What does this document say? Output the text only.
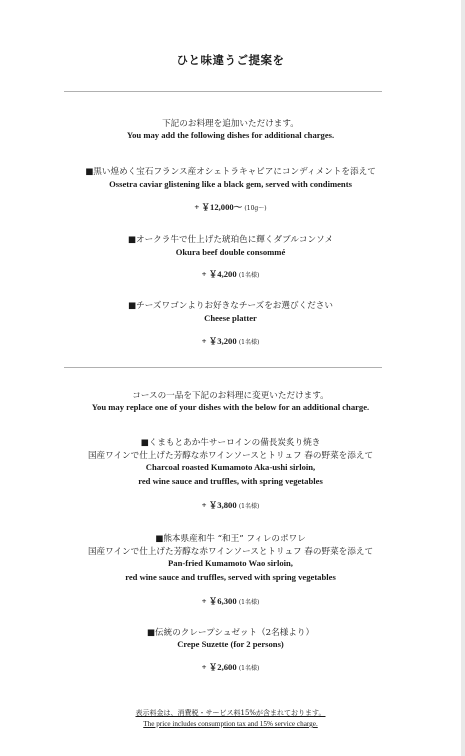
ひと味違うご提案を
下記のお料理を追加いただけます。
You may add the following dishes for additional charges.
■黒い煌めく宝石フランス産オシェトラキャビアにコンディメントを添えて
Ossetra caviar glistening like a black gem, served with condiments
+ ￥12,000～ (10g～)
■オークラ牛で仕上げた琥珀色に輝くダブルコンソメ
Okura beef double consommé
+ ￥4,200 (1名様)
■チーズワゴンよりお好きなチーズをお選びください
Cheese platter
+ ￥3,200 (1名様)
コースの一品を下記のお料理に変更いただけます。
You may replace one of your dishes with the below for an additional charge.
■くまもとあか牛サーロインの備長炭炙り焼き
国産ワインで仕上げた芳醇な赤ワインソースとトリュフ 春の野菜を添えて
Charcoal roasted Kumamoto Aka-ushi sirloin,
red wine sauce and truffles, with spring vegetables
+ ￥3,800 (1名様)
■熊本県産和牛 “和王” フィレのポワレ
国産ワインで仕上げた芳醇な赤ワインソースとトリュフ 春の野菜を添えて
Pan-fried Kumamoto Wao sirloin,
red wine sauce and truffles, served with spring vegetables
+ ￥6,300 (1名様)
■伝統のクレープシュゼット（2名様より）
Crepe Suzette (for 2 persons)
+ ￥2,600 (1名様)
表示料金は、消費税・サービス料15%が含まれております。
The price includes consumption tax and 15% service charge.
